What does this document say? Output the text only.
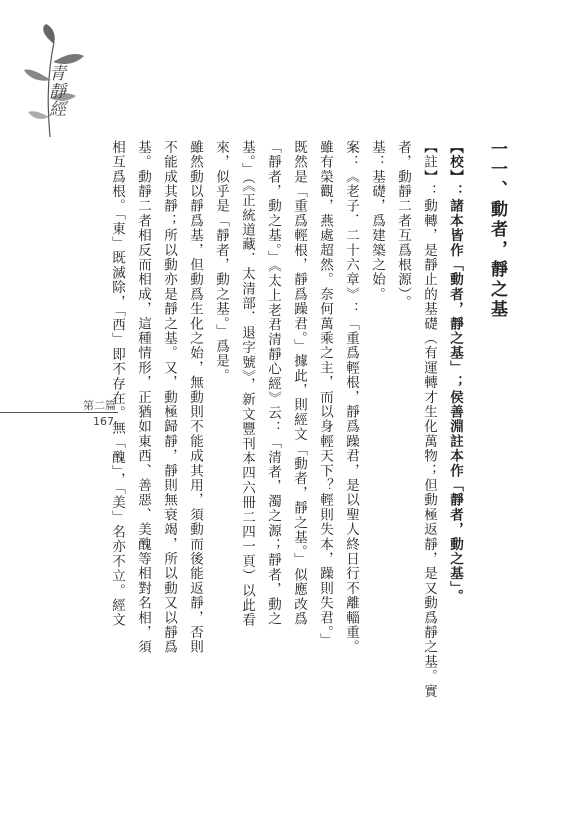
青靜經
第二篇
167

一一、動者，靜之基

【校】：諸本皆作「動者，靜之基」；侯善淵註本作「靜者，動之基」。

【註】：動轉，是靜止的基礎（有運轉才生化萬物；但動極返靜，是又動爲靜之基。實

者，動靜二者互爲根源）。

基：基礎，爲建築之始。

案：《老子．二十六章》：「重爲輕根，靜爲躁君，是以聖人終日行不離輜重。

雖有榮觀，燕處超然。奈何萬乘之主，而以身輕天下？輕則失本，躁則失君。」

既然是「重爲輕根，靜爲躁君。」據此，則經文「動者，靜之基。」似應改爲

「靜者，動之基。」《太上老君清靜心經》云：「清者，濁之源；靜者，動之

基。」（《正統道藏．太清部．退字號》，新文豐刊本四六冊二四一頁）以此看

來，似乎是「靜者，動之基。」爲是。

雖然動以靜爲基，但動爲生化之始，無動則不能成其用，須動而後能返靜，否則

不能成其靜；所以動亦是靜之基。又，動極歸靜，靜則無衰竭，所以動又以靜爲

基。動靜二者相反而相成，這種情形，正猶如東西、善惡、美醜等相對名相，須

相互爲根。「東」既滅除，「西」即不存在。無「醜」，「美」名亦不立。經文
